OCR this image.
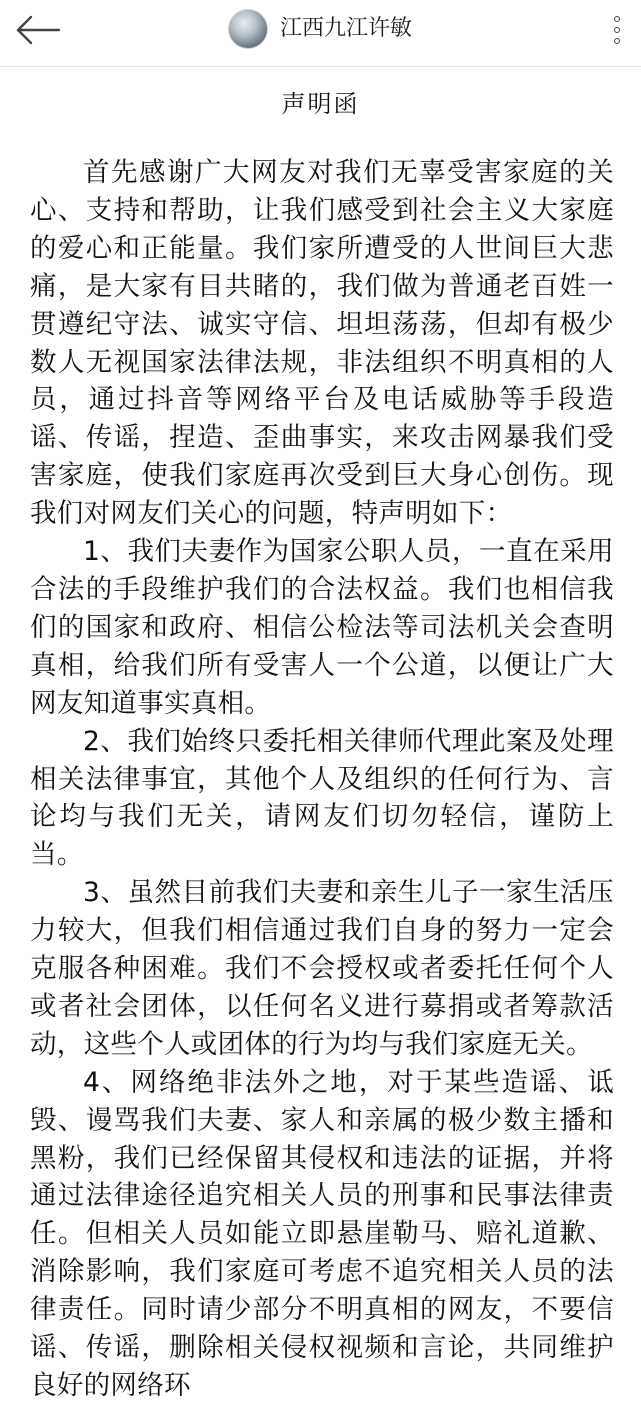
江西九江许敏
声明函

首先感谢广大网友对我们无辜受害家庭的关心、支持和帮助，让我们感受到社会主义大家庭的爱心和正能量。我们家所遭受的人世间巨大悲痛，是大家有目共睹的，我们做为普通老百姓一贯遵纪守法、诚实守信、坦坦荡荡，但却有极少数人无视国家法律法规，非法组织不明真相的人员，通过抖音等网络平台及电话威胁等手段造谣、传谣，捏造、歪曲事实，来攻击网暴我们受害家庭，使我们家庭再次受到巨大身心创伤。现我们对网友们关心的问题，特声明如下：

1、我们夫妻作为国家公职人员，一直在采用合法的手段维护我们的合法权益。我们也相信我们的国家和政府、相信公检法等司法机关会查明真相，给我们所有受害人一个公道，以便让广大网友知道事实真相。

2、我们始终只委托相关律师代理此案及处理相关法律事宜，其他个人及组织的任何行为、言论均与我们无关，请网友们切勿轻信，谨防上当。

3、虽然目前我们夫妻和亲生儿子一家生活压力较大，但我们相信通过我们自身的努力一定会克服各种困难。我们不会授权或者委托任何个人或者社会团体，以任何名义进行募捐或者筹款活动，这些个人或团体的行为均与我们家庭无关。

4、网络绝非法外之地，对于某些造谣、诋毁、谩骂我们夫妻、家人和亲属的极少数主播和黑粉，我们已经保留其侵权和违法的证据，并将通过法律途径追究相关人员的刑事和民事法律责任。但相关人员如能立即悬崖勒马、赔礼道歉、消除影响，我们家庭可考虑不追究相关人员的法律责任。同时请少部分不明真相的网友，不要信谣、传谣，删除相关侵权视频和言论，共同维护良好的网络环
